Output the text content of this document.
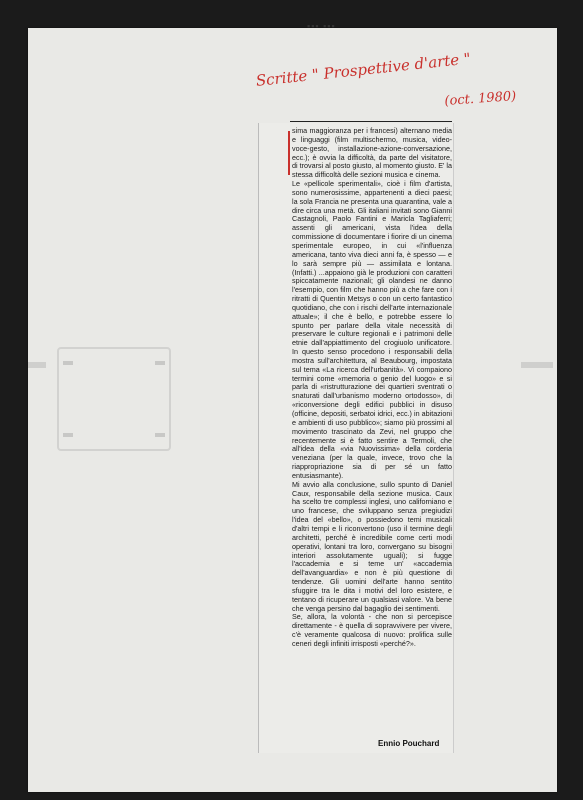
▪▪▪ ▪▪▪
Scritte " Prospettive d'arte "
(oct. 1980)

sima maggioranza per i francesi) alternano media e linguaggi (film multischermo, musica, video-voce-gesto, installazione-azione-conversazione, ecc.); è ovvia la difficoltà, da parte del visitatore, di trovarsi al posto giusto, al momento giusto. E' la stessa difficoltà delle sezioni musica e cinema.

Le «pellicole sperimentali», cioè i film d'artista, sono numerosissime, appartenenti a dieci paesi; la sola Francia ne presenta una quarantina, vale a dire circa una metà. Gli italiani invitati sono Gianni Castagnoli, Paolo Fantini e Maricla Tagliaferri; assenti gli americani, vista l'idea della commissione di documentare i fiorire di un cinema sperimentale europeo, in cui «l'influenza americana, tanto viva dieci anni fa, è spesso — e lo sarà sempre più — assimilata e lontana. (Infatti.) ...appaiono già le produzioni con caratteri spiccatamente nazionali; gli olandesi ne danno l'esempio, con film che hanno più a che fare con i ritratti di Quentin Metsys o con un certo fantastico quotidiano, che con i rischi dell'arte internazionale attuale»; il che è bello, e potrebbe essere lo spunto per parlare della vitale necessità di preservare le culture regionali e i patrimoni delle etnie dall'appiattimento del crogiuolo unificatore. In questo senso procedono i responsabili della mostra sull'architettura, al Beaubourg, impostata sul tema «La ricerca dell'urbanità». Vi compaiono termini come «memoria o genio del luogo» e si parla di «ristrutturazione dei quartieri sventrati o snaturati dall'urbanismo moderno ortodosso», di «riconversione degli edifici pubblici in disuso (officine, depositi, serbatoi idrici, ecc.) in abitazioni e ambienti di uso pubblico»; siamo più prossimi al movimento trascinato da Zevi, nel gruppo che recentemente si è fatto sentire a Termoli, che all'idea della «via Nuovissima» della corderia veneziana (per la quale, invece, trovo che la riappropriazione sia di per sé un fatto entusiasmante).

Mi avvio alla conclusione, sullo spunto di Daniel Caux, responsabile della sezione musica. Caux ha scelto tre complessi inglesi, uno californiano e uno francese, che sviluppano senza pregiudizi l'idea del «bello», o possiedono temi musicali d'altri tempi e li riconvertono (uso il termine degli architetti, perché è incredibile come certi modi operativi, lontani tra loro, convergano su bisogni interiori assolutamente uguali); si fugge l'accademia e si teme un' «accademia dell'avanguardia» e non è più questione di tendenze. Gli uomini dell'arte hanno sentito sfuggire tra le dita i motivi del loro esistere, e tentano di ricuperare un qualsiasi valore. Va bene che venga persino dal bagaglio dei sentimenti.

Se, allora, la volontà - che non si percepisce direttamente - è quella di sopravvivere per vivere, c'è veramente qualcosa di nuovo: prolifica sulle ceneri degli infiniti irrisposti «perché?».

Ennio Pouchard
